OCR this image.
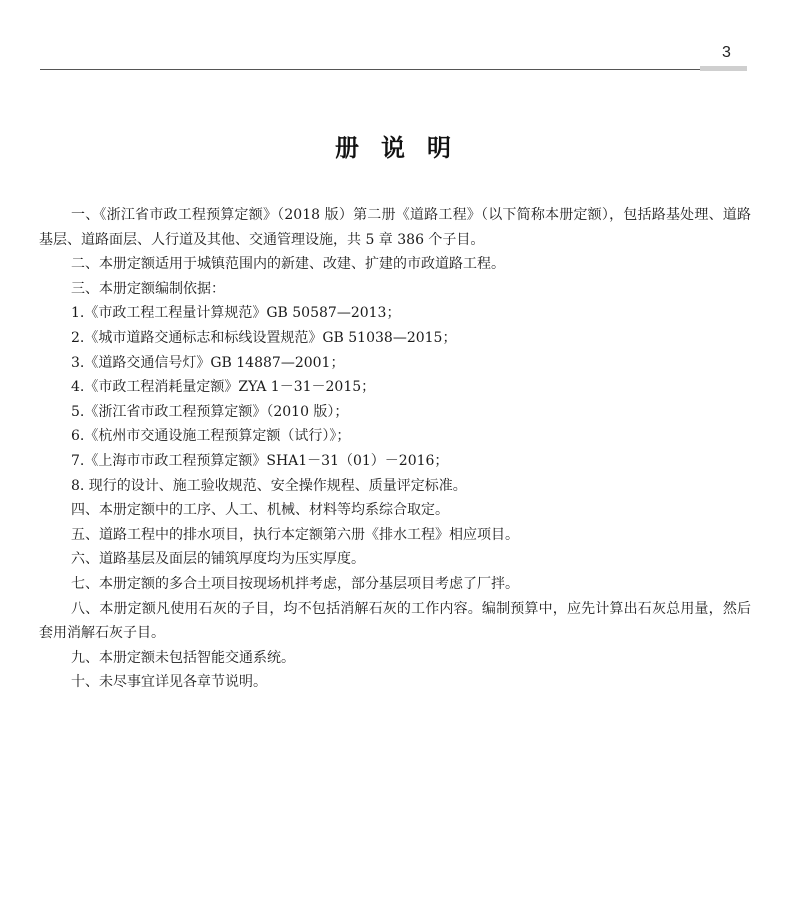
3
册说明

一、《浙江省市政工程预算定额》（2018 版）第二册《道路工程》（以下简称本册定额），包括路基处理、道路基层、道路面层、人行道及其他、交通管理设施，共 5 章 386 个子目。

二、本册定额适用于城镇范围内的新建、改建、扩建的市政道路工程。

三、本册定额编制依据：

1.《市政工程工程量计算规范》GB 50587—2013；

2.《城市道路交通标志和标线设置规范》GB 51038—2015；

3.《道路交通信号灯》GB 14887—2001；

4.《市政工程消耗量定额》ZYA 1－31－2015；

5.《浙江省市政工程预算定额》（2010 版）；

6.《杭州市交通设施工程预算定额（试行）》；

7.《上海市市政工程预算定额》SHA1－31（01）－2016；

8. 现行的设计、施工验收规范、安全操作规程、质量评定标准。

四、本册定额中的工序、人工、机械、材料等均系综合取定。

五、道路工程中的排水项目，执行本定额第六册《排水工程》相应项目。

六、道路基层及面层的铺筑厚度均为压实厚度。

七、本册定额的多合土项目按现场机拌考虑，部分基层项目考虑了厂拌。

八、本册定额凡使用石灰的子目，均不包括消解石灰的工作内容。编制预算中，应先计算出石灰总用量，然后套用消解石灰子目。

九、本册定额未包括智能交通系统。

十、未尽事宜详见各章节说明。
